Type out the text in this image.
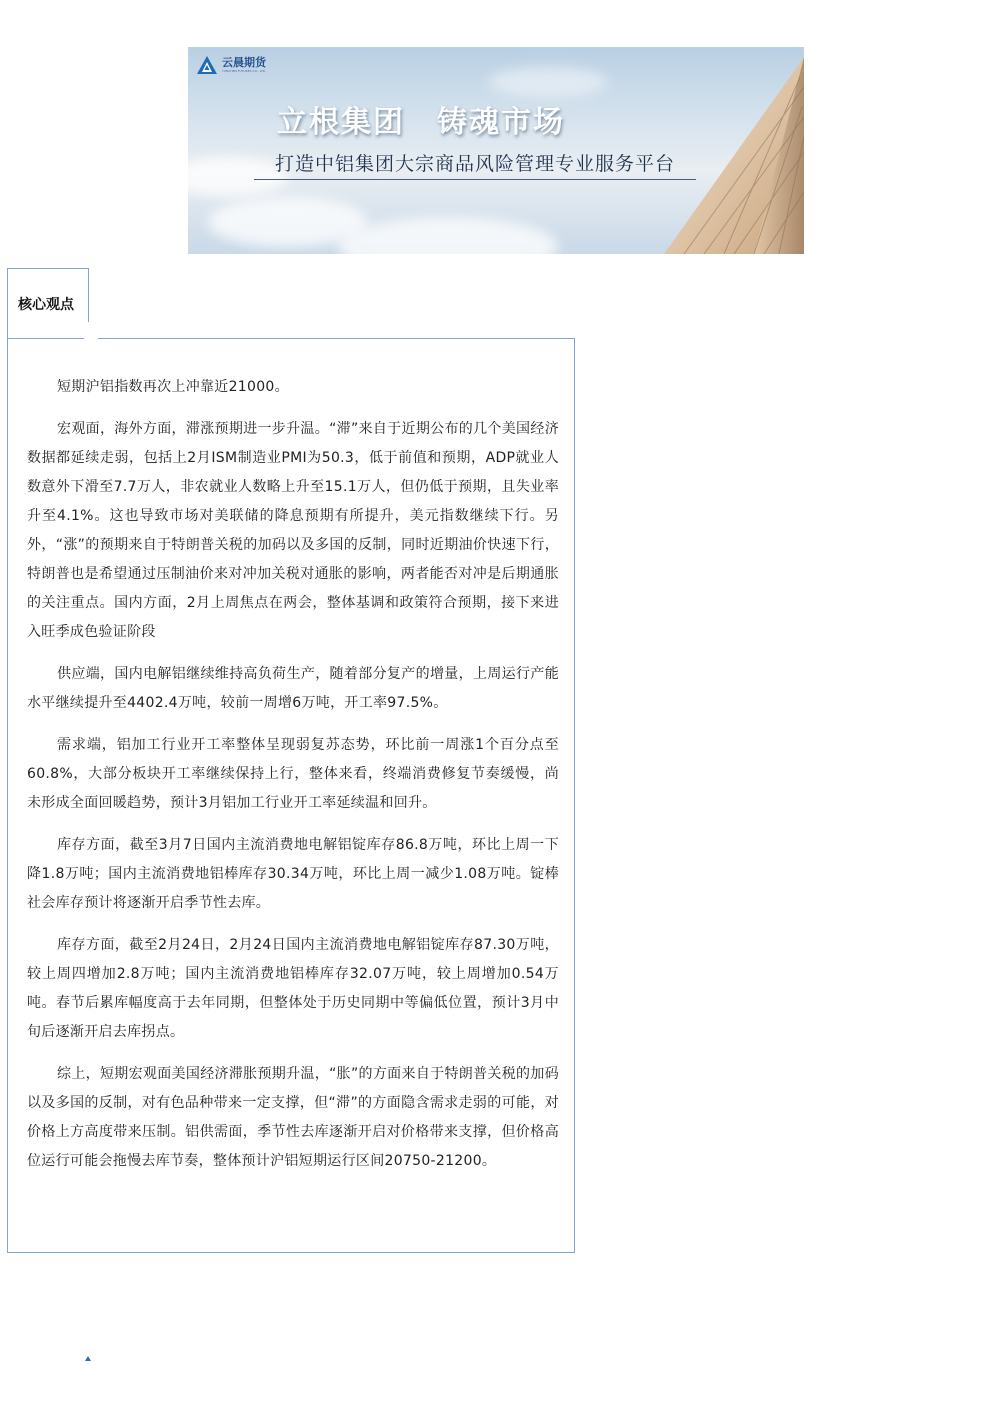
云晨期货
YUNCHEN FUTURES CO., LTD.
立根集团　铸魂市场
打造中铝集团大宗商品风险管理专业服务平台
核心观点

短期沪铝指数再次上冲靠近21000。

宏观面，海外方面，滞涨预期进一步升温。“滞”来自于近期公布的几个美国经济数据都延续走弱，包括上2月ISM制造业PMI为50.3，低于前值和预期，ADP就业人数意外下滑至7.7万人，非农就业人数略上升至15.1万人，但仍低于预期，且失业率升至4.1%。这也导致市场对美联储的降息预期有所提升，美元指数继续下行。另外，“涨”的预期来自于特朗普关税的加码以及多国的反制，同时近期油价快速下行，特朗普也是希望通过压制油价来对冲加关税对通胀的影响，两者能否对冲是后期通胀的关注重点。国内方面，2月上周焦点在两会，整体基调和政策符合预期，接下来进入旺季成色验证阶段

供应端，国内电解铝继续维持高负荷生产，随着部分复产的增量，上周运行产能水平继续提升至4402.4万吨，较前一周增6万吨，开工率97.5%。

需求端，铝加工行业开工率整体呈现弱复苏态势，环比前一周涨1个百分点至60.8%，大部分板块开工率继续保持上行，整体来看，终端消费修复节奏缓慢，尚未形成全面回暖趋势，预计3月铝加工行业开工率延续温和回升。

库存方面，截至3月7日国内主流消费地电解铝锭库存86.8万吨，环比上周一下降1.8万吨；国内主流消费地铝棒库存30.34万吨，环比上周一减少1.08万吨。锭棒社会库存预计将逐渐开启季节性去库。

库存方面，截至2月24日，2月24日国内主流消费地电解铝锭库存87.30万吨，较上周四增加2.8万吨；国内主流消费地铝棒库存32.07万吨，较上周增加0.54万吨。春节后累库幅度高于去年同期，但整体处于历史同期中等偏低位置，预计3月中旬后逐渐开启去库拐点。

综上，短期宏观面美国经济滞胀预期升温，“胀”的方面来自于特朗普关税的加码以及多国的反制，对有色品种带来一定支撑，但“滞”的方面隐含需求走弱的可能，对价格上方高度带来压制。铝供需面，季节性去库逐渐开启对价格带来支撑，但价格高位运行可能会拖慢去库节奏，整体预计沪铝短期运行区间20750-21200。
